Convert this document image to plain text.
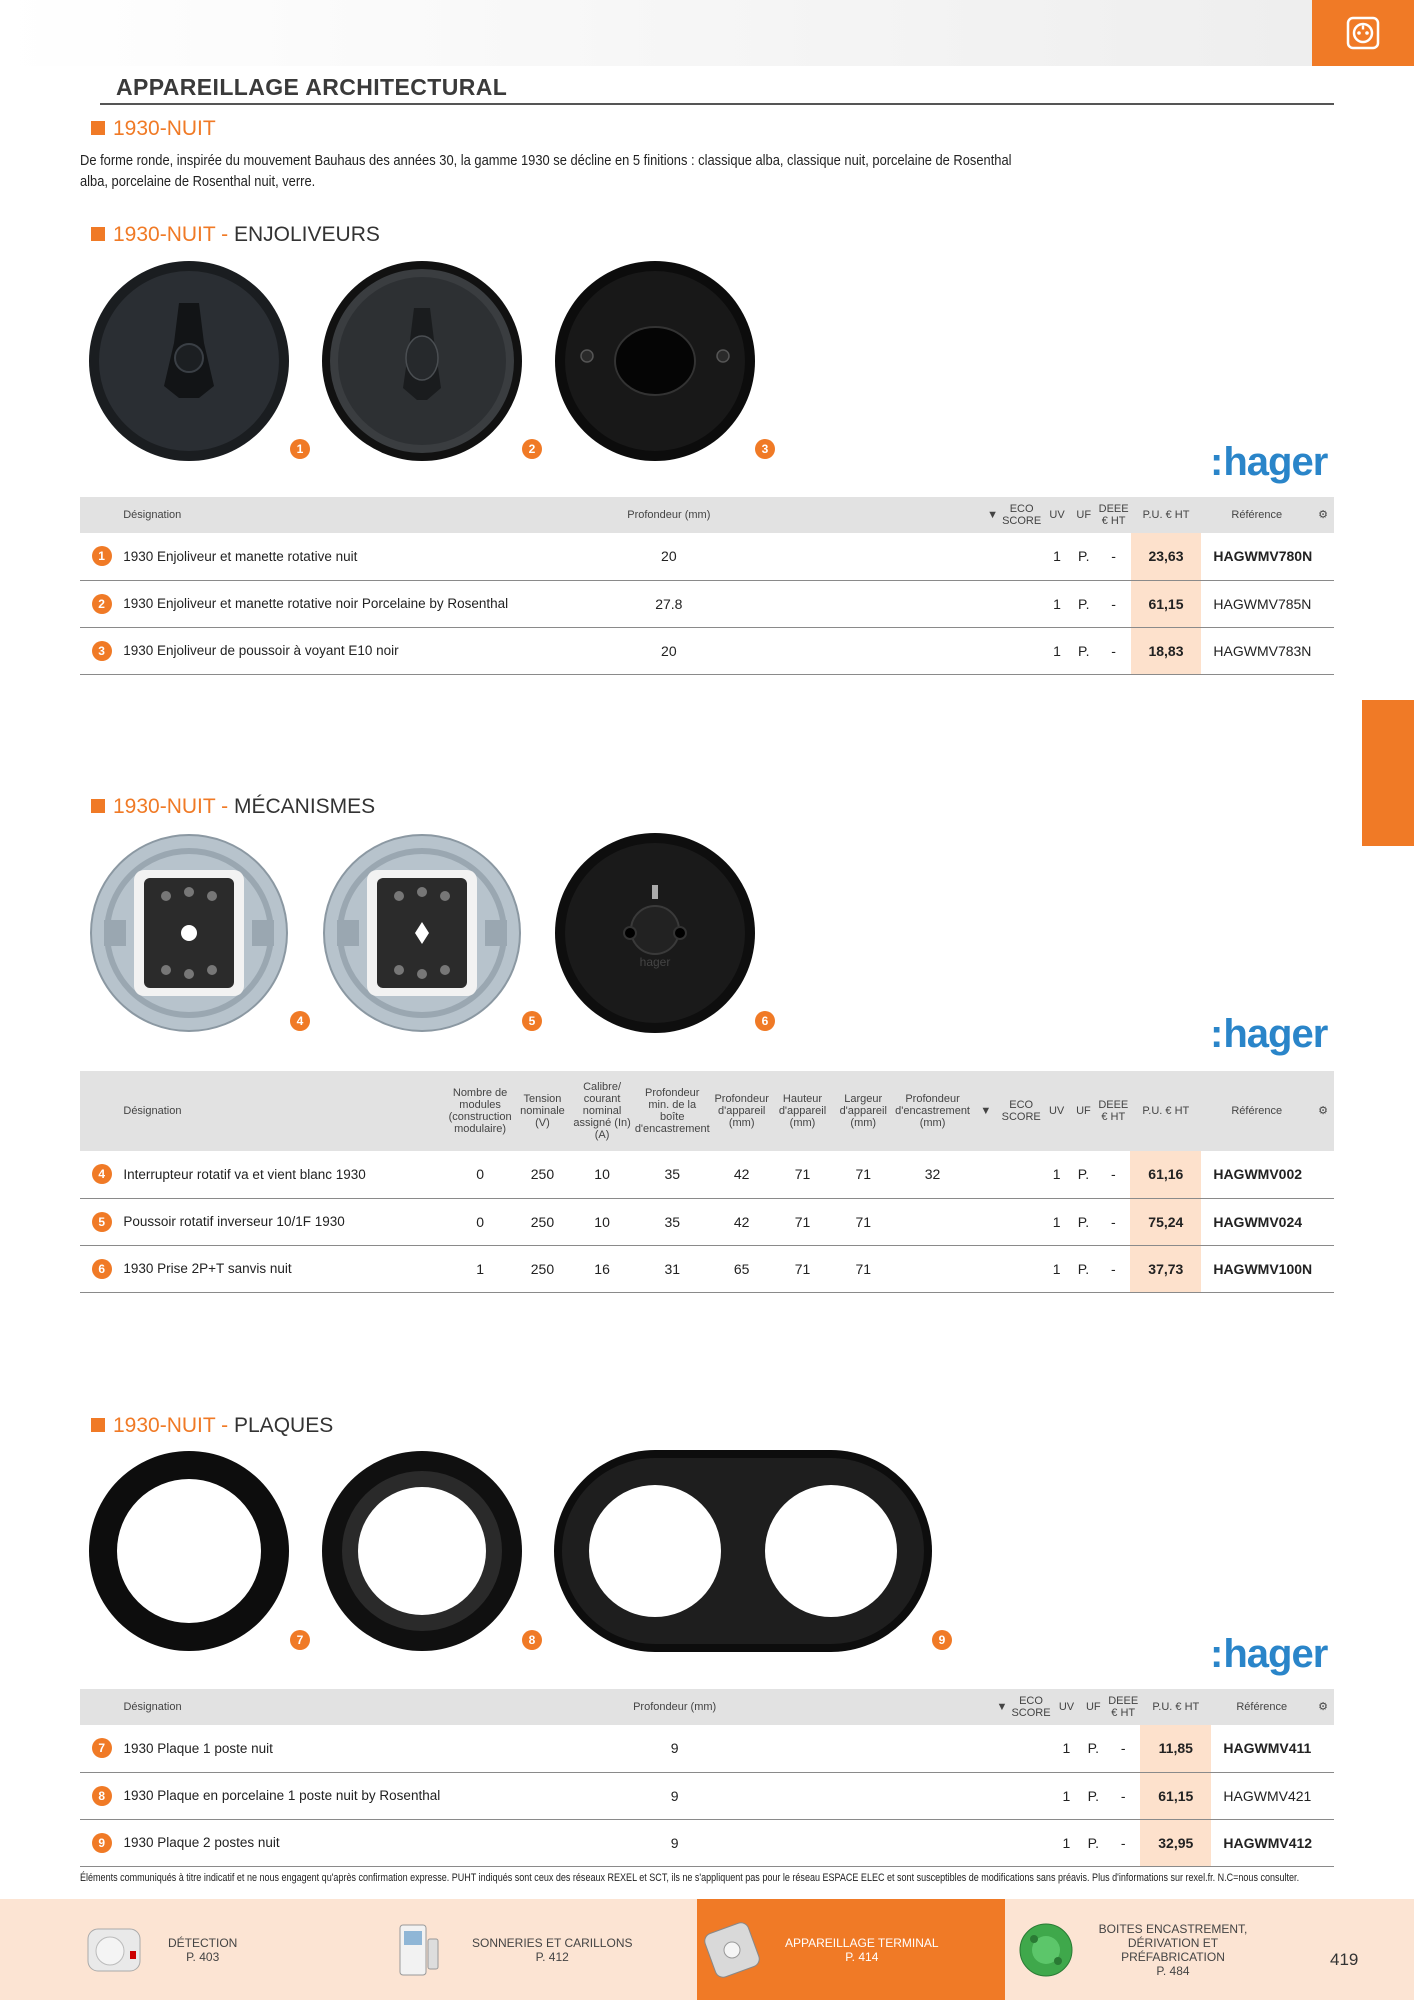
APPAREILLAGE ARCHITECTURAL
1930-NUIT
De forme ronde, inspirée du mouvement Bauhaus des années 30, la gamme 1930 se décline en 5 finitions : classique alba, classique nuit, porcelaine de Rosenthal alba, porcelaine de Rosenthal nuit, verre.
1930-NUIT - ENJOLIVEURS
1	2	3	:hager
	Désignation	Profondeur (mm)	▼	ECO SCORE	UV	UF	DEEE € HT	P.U. € HT	Référence	⚙
1	1930 Enjoliveur et manette rotative nuit	20			1	P.	-	23,63	HAGWMV780N	
2	1930 Enjoliveur et manette rotative noir Porcelaine by Rosenthal	27.8			1	P.	-	61,15	HAGWMV785N	
3	1930 Enjoliveur de poussoir à voyant E10 noir	20			1	P.	-	18,83	HAGWMV783N	
1930-NUIT - MÉCANISMES
4	5
hager
6	:hager
	Désignation	Nombre de modules (construction modulaire)	Tension nominale (V)	Calibre/ courant nominal assigné (In) (A)	Profondeur min. de la boîte d'encastrement	Profondeur d'appareil (mm)	Hauteur d'appareil (mm)	Largeur d'appareil (mm)	Profondeur d'encastrement (mm)	▼	ECO SCORE	UV	UF	DEEE € HT	P.U. € HT	Référence	⚙
4	Interrupteur rotatif va et vient blanc 1930	0	250	10	35	42	71	71	32			1	P.	-	61,16	HAGWMV002	
5	Poussoir rotatif inverseur 10/1F 1930	0	250	10	35	42	71	71				1	P.	-	75,24	HAGWMV024	
6	1930 Prise 2P+T sanvis nuit	1	250	16	31	65	71	71				1	P.	-	37,73	HAGWMV100N	
1930-NUIT - PLAQUES
7	8	9	:hager
	Désignation	Profondeur (mm)	▼	ECO SCORE	UV	UF	DEEE € HT	P.U. € HT	Référence	⚙
7	1930 Plaque 1 poste nuit	9			1	P.	-	11,85	HAGWMV411	
8	1930 Plaque en porcelaine 1 poste nuit by Rosenthal	9			1	P.	-	61,15	HAGWMV421	
9	1930 Plaque 2 postes nuit	9			1	P.	-	32,95	HAGWMV412	
Éléments communiqués à titre indicatif et ne nous engagent qu'après confirmation expresse. PUHT indiqués sont ceux des réseaux REXEL et SCT, ils ne s'appliquent pas pour le réseau ESPACE ELEC et sont susceptibles de modifications sans préavis. Plus d'informations sur rexel.fr. N.C=nous consulter.
DÉTECTION
P. 403
SONNERIES ET CARILLONS
P. 412
APPAREILLAGE TERMINAL
P. 414
BOITES ENCASTREMENT, DÉRIVATION ET PRÉFABRICATION
P. 484
419
